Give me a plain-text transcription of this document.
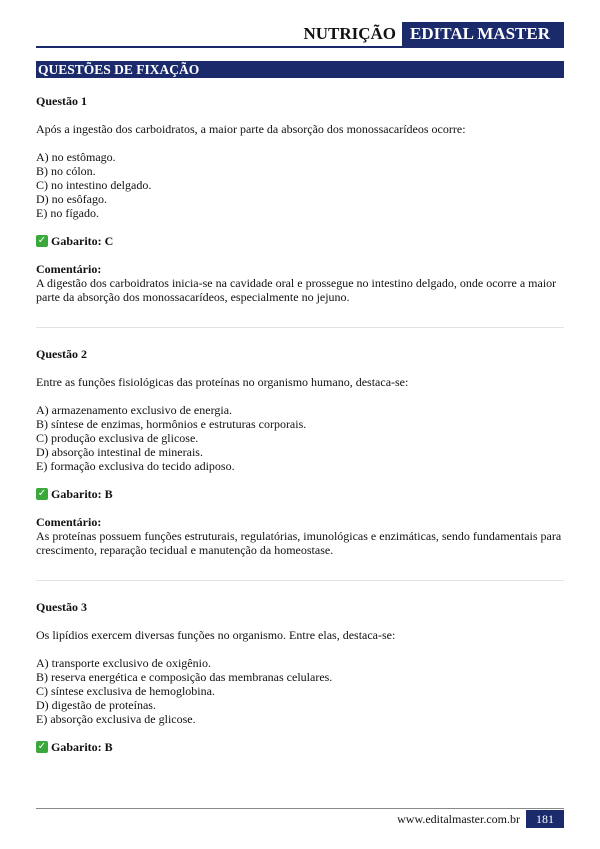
NUTRIÇÃO EDITAL MASTER
QUESTÕES DE FIXAÇÃO

Questão 1

Após a ingestão dos carboidratos, a maior parte da absorção dos monossacarídeos ocorre:

A) no estômago.
B) no cólon.
C) no intestino delgado.
D) no esôfago.
E) no fígado.
✓ Gabarito: C
Comentário:

A digestão dos carboidratos inicia-se na cavidade oral e prossegue no intestino delgado, onde ocorre a maior parte da absorção dos monossacarídeos, especialmente no jejuno.

Questão 2

Entre as funções fisiológicas das proteínas no organismo humano, destaca-se:

A) armazenamento exclusivo de energia.
B) síntese de enzimas, hormônios e estruturas corporais.
C) produção exclusiva de glicose.
D) absorção intestinal de minerais.
E) formação exclusiva do tecido adiposo.
✓ Gabarito: B
Comentário:

As proteínas possuem funções estruturais, regulatórias, imunológicas e enzimáticas, sendo fundamentais para crescimento, reparação tecidual e manutenção da homeostase.

Questão 3

Os lipídios exercem diversas funções no organismo. Entre elas, destaca-se:

A) transporte exclusivo de oxigênio.
B) reserva energética e composição das membranas celulares.
C) síntese exclusiva de hemoglobina.
D) digestão de proteínas.
E) absorção exclusiva de glicose.
✓ Gabarito: B
www.editalmaster.com.br	181
